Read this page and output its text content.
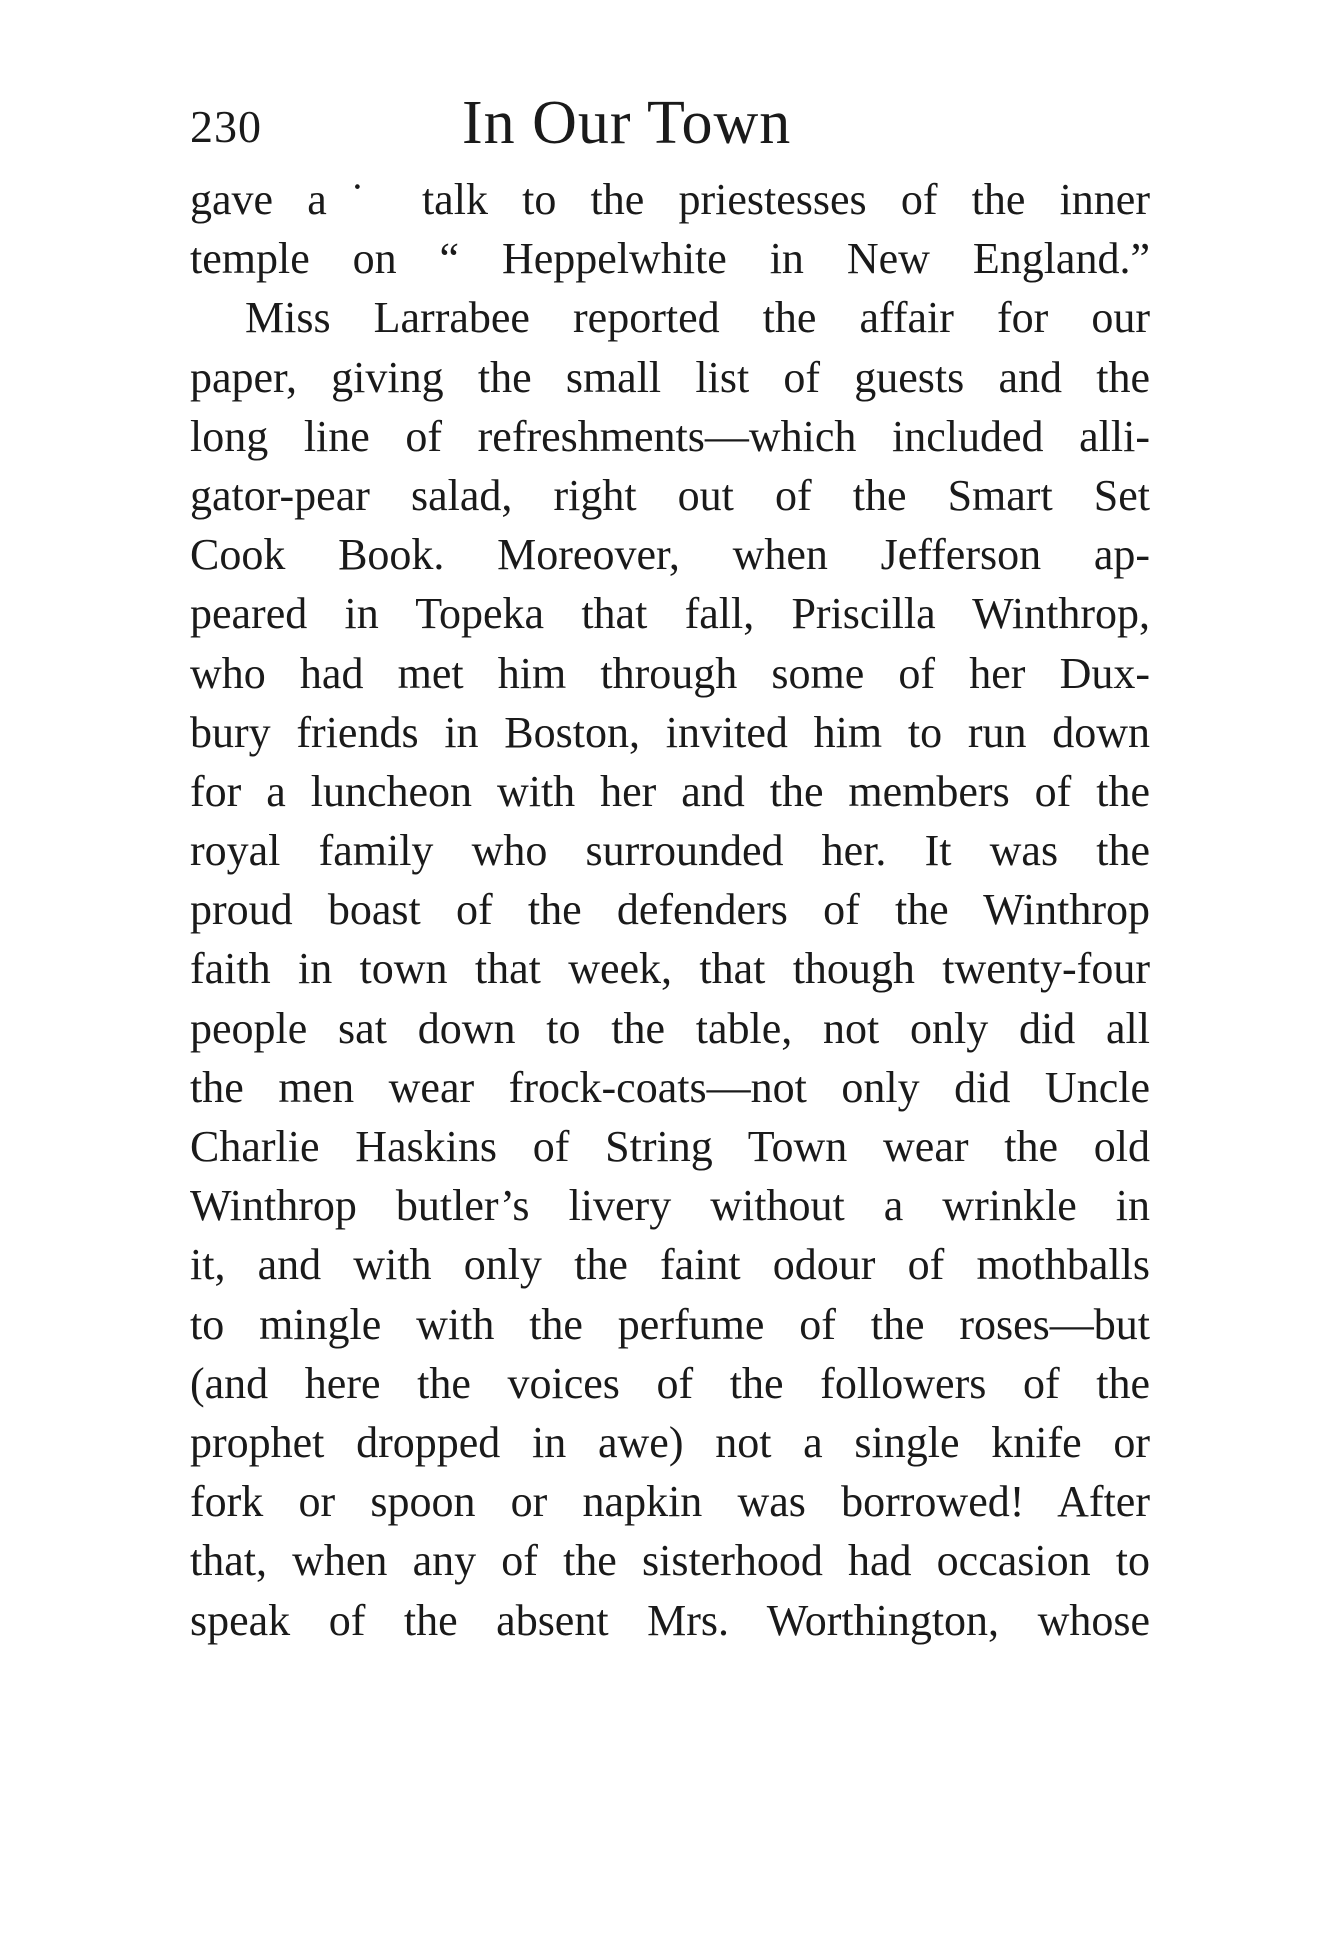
230	In Our Town
gave a˙ talk to the priestesses of the inner
temple on “ Heppelwhite in New England.”
Miss Larrabee reported the affair for our
paper, giving the small list of guests and the
long line of refreshments—which included alli-
gator-pear salad, right out of the Smart Set
Cook Book. Moreover, when Jefferson ap-
peared in Topeka that fall, Priscilla Winthrop,
who had met him through some of her Dux-
bury friends in Boston, invited him to run down
for a luncheon with her and the members of the
royal family who surrounded her. It was the
proud boast of the defenders of the Winthrop
faith in town that week, that though twenty-four
people sat down to the table, not only did all
the men wear frock-coats—not only did Uncle
Charlie Haskins of String Town wear the old
Winthrop butler’s livery without a wrinkle in
it, and with only the faint odour of mothballs
to mingle with the perfume of the roses—but
(and here the voices of the followers of the
prophet dropped in awe) not a single knife or
fork or spoon or napkin was borrowed! After
that, when any of the sisterhood had occasion to
speak of the absent Mrs. Worthington, whose
